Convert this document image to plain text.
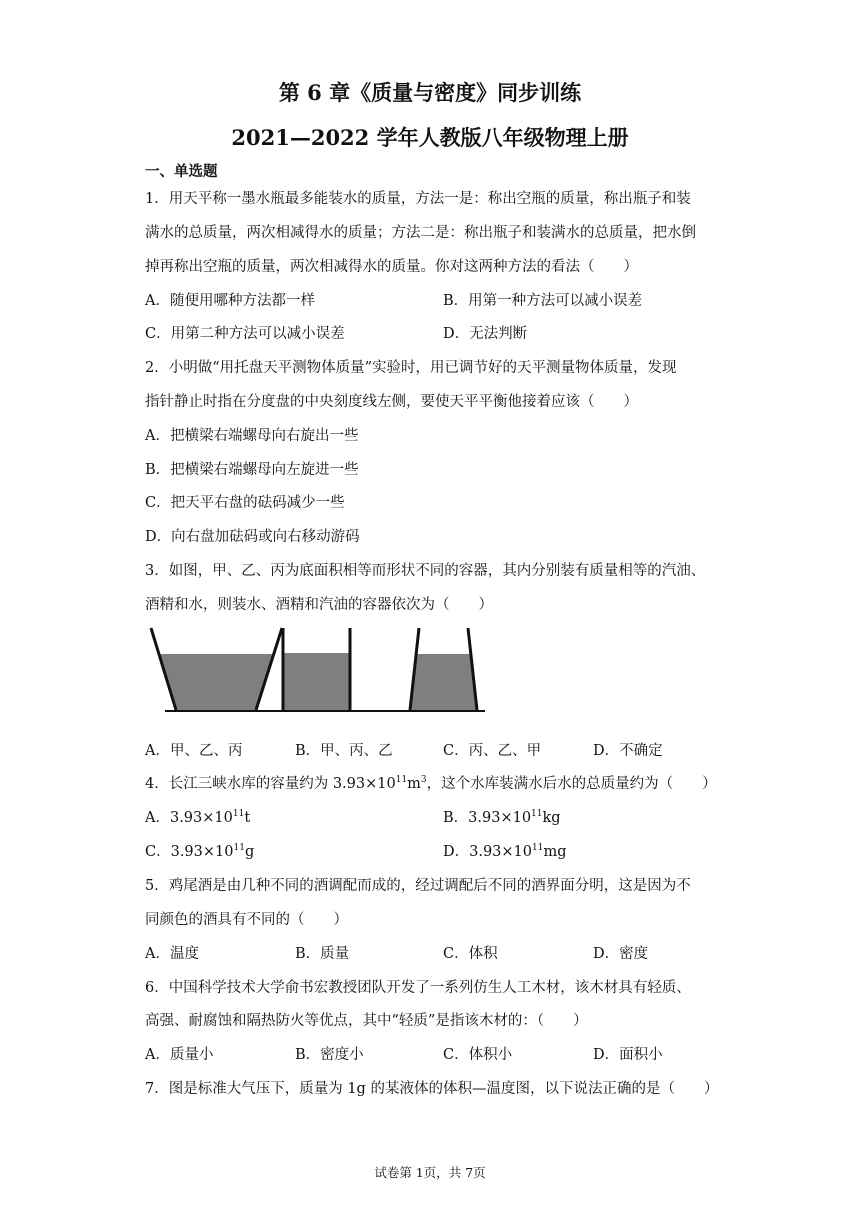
第 6 章《质量与密度》同步训练
2021—2022 学年人教版八年级物理上册
一、单选题
1．用天平称一墨水瓶最多能装水的质量，方法一是：称出空瓶的质量，称出瓶子和装
满水的总质量，两次相减得水的质量；方法二是：称出瓶子和装满水的总质量，把水倒
掉再称出空瓶的质量，两次相减得水的质量。你对这两种方法的看法（　　）
A．随便用哪种方法都一样	B．用第一种方法可以减小误差
C．用第二种方法可以减小误差	D．无法判断
2．小明做“用托盘天平测物体质量”实验时，用已调节好的天平测量物体质量，发现
指针静止时指在分度盘的中央刻度线左侧，要使天平平衡他接着应该（　　）
A．把横梁右端螺母向右旋出一些
B．把横梁右端螺母向左旋进一些
C．把天平右盘的砝码减少一些
D．向右盘加砝码或向右移动游码
3．如图，甲、乙、丙为底面积相等而形状不同的容器，其内分别装有质量相等的汽油、
酒精和水，则装水、酒精和汽油的容器依次为（　　）
A．甲、乙、丙	B．甲、丙、乙	C．丙、乙、甲	D．不确定
4．长江三峡水库的容量约为 $3.93\times 10^{11}m^3$，这个水库装满水后水的总质量约为（　　）
A．$3.93\times 10^{11}t$	B．$3.93\times 10^{11}kg$
C．$3.93\times 10^{11}g$	D．$3.93\times 10^{11}mg$
5．鸡尾酒是由几种不同的酒调配而成的，经过调配后不同的酒界面分明，这是因为不
同颜色的酒具有不同的（　　）
A．温度	B．质量	C．体积	D．密度
6．中国科学技术大学俞书宏教授团队开发了一系列仿生人工木材，该木材具有轻质、
高强、耐腐蚀和隔热防火等优点，其中“轻质”是指该木材的：（　　）
A．质量小	B．密度小	C．体积小	D．面积小
7．图是标准大气压下，质量为 1g 的某液体的体积—温度图，以下说法正确的是（　　）
试卷第 1页，共 7页
